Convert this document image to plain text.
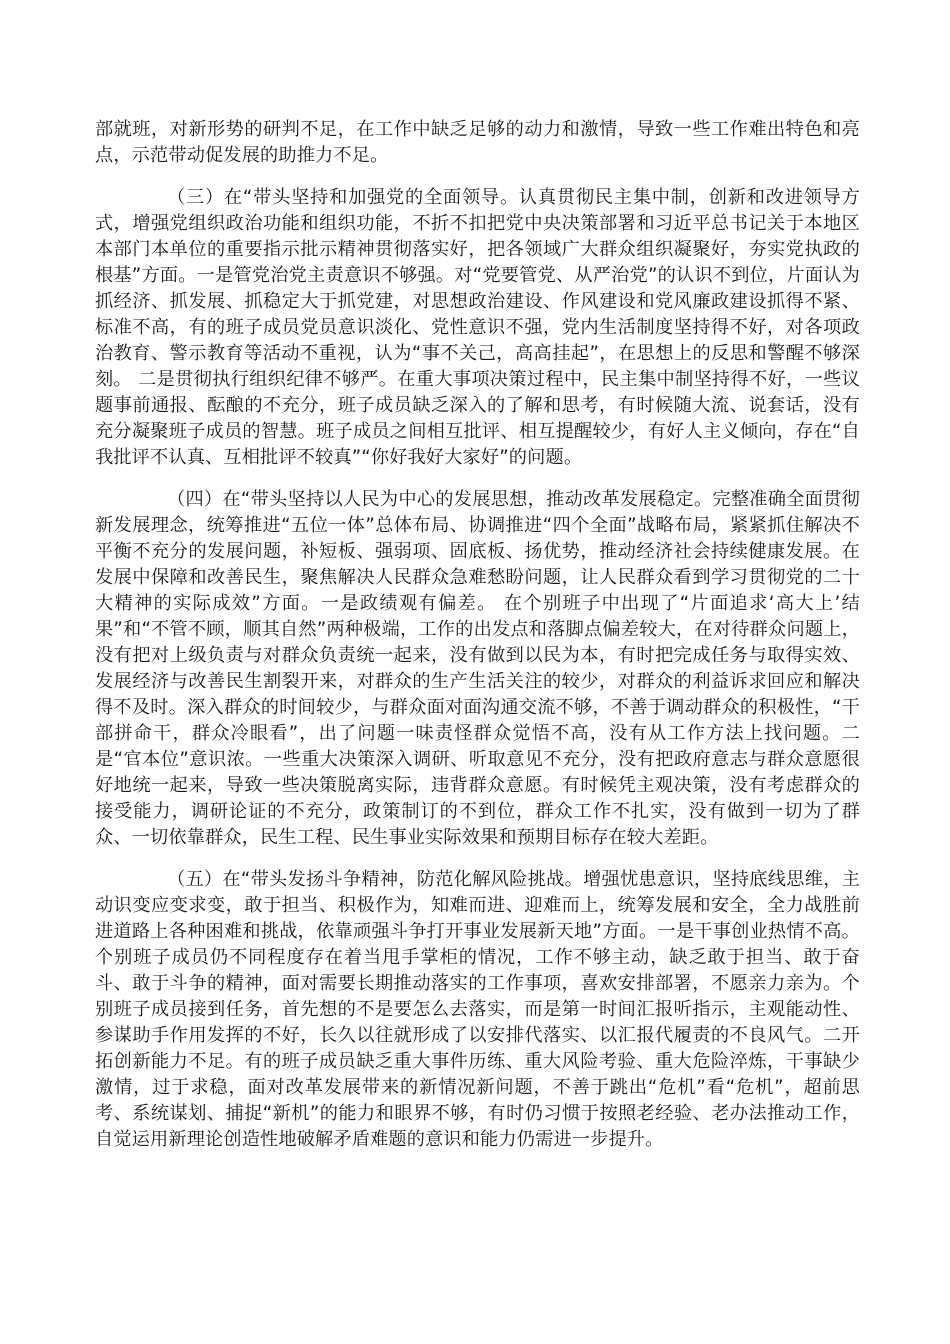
部就班，对新形势的研判不足，在工作中缺乏足够的动力和激情，导致一些工作难出特色和亮点，示范带动促发展的助推力不足。

（三）在“带头坚持和加强党的全面领导。认真贯彻民主集中制，创新和改进领导方式，增强党组织政治功能和组织功能，不折不扣把党中央决策部署和习近平总书记关于本地区本部门本单位的重要指示批示精神贯彻落实好，把各领域广大群众组织凝聚好，夯实党执政的根基”方面。一是管党治党主责意识不够强。对“党要管党、从严治党”的认识不到位，片面认为抓经济、抓发展、抓稳定大于抓党建，对思想政治建设、作风建设和党风廉政建设抓得不紧、标准不高，有的班子成员党员意识淡化、党性意识不强，党内生活制度坚持得不好，对各项政治教育、警示教育等活动不重视，认为“事不关己，高高挂起”，在思想上的反思和警醒不够深刻。 二是贯彻执行组织纪律不够严。在重大事项决策过程中，民主集中制坚持得不好，一些议题事前通报、酝酿的不充分，班子成员缺乏深入的了解和思考，有时候随大流、说套话，没有充分凝聚班子成员的智慧。班子成员之间相互批评、相互提醒较少，有好人主义倾向，存在“自我批评不认真、互相批评不较真”“你好我好大家好”的问题。

（四）在“带头坚持以人民为中心的发展思想，推动改革发展稳定。完整准确全面贯彻新发展理念，统筹推进“五位一体”总体布局、协调推进“四个全面”战略布局，紧紧抓住解决不平衡不充分的发展问题，补短板、强弱项、固底板、扬优势，推动经济社会持续健康发展。在发展中保障和改善民生，聚焦解决人民群众急难愁盼问题，让人民群众看到学习贯彻党的二十大精神的实际成效”方面。一是政绩观有偏差。 在个别班子中出现了“片面追求‘高大上’结果”和“不管不顾，顺其自然”两种极端，工作的出发点和落脚点偏差较大，在对待群众问题上，没有把对上级负责与对群众负责统一起来，没有做到以民为本，有时把完成任务与取得实效、发展经济与改善民生割裂开来，对群众的生产生活关注的较少，对群众的利益诉求回应和解决得不及时。深入群众的时间较少，与群众面对面沟通交流不够，不善于调动群众的积极性，“干部拼命干，群众冷眼看”，出了问题一味责怪群众觉悟不高，没有从工作方法上找问题。二是“官本位”意识浓。一些重大决策深入调研、听取意见不充分，没有把政府意志与群众意愿很好地统一起来，导致一些决策脱离实际，违背群众意愿。有时候凭主观决策，没有考虑群众的接受能力，调研论证的不充分，政策制订的不到位，群众工作不扎实，没有做到一切为了群众、一切依靠群众，民生工程、民生事业实际效果和预期目标存在较大差距。

（五）在“带头发扬斗争精神，防范化解风险挑战。增强忧患意识，坚持底线思维，主动识变应变求变，敢于担当、积极作为，知难而进、迎难而上，统筹发展和安全，全力战胜前进道路上各种困难和挑战，依靠顽强斗争打开事业发展新天地”方面。一是干事创业热情不高。个别班子成员仍不同程度存在着当甩手掌柜的情况，工作不够主动，缺乏敢于担当、敢于奋斗、敢于斗争的精神，面对需要长期推动落实的工作事项，喜欢安排部署，不愿亲力亲为。个别班子成员接到任务，首先想的不是要怎么去落实，而是第一时间汇报听指示，主观能动性、参谋助手作用发挥的不好，长久以往就形成了以安排代落实、以汇报代履责的不良风气。二开拓创新能力不足。有的班子成员缺乏重大事件历练、重大风险考验、重大危险淬炼，干事缺少激情，过于求稳，面对改革发展带来的新情况新问题，不善于跳出“危机”看“危机”，超前思考、系统谋划、捕捉“新机”的能力和眼界不够，有时仍习惯于按照老经验、老办法推动工作，自觉运用新理论创造性地破解矛盾难题的意识和能力仍需进一步提升。
